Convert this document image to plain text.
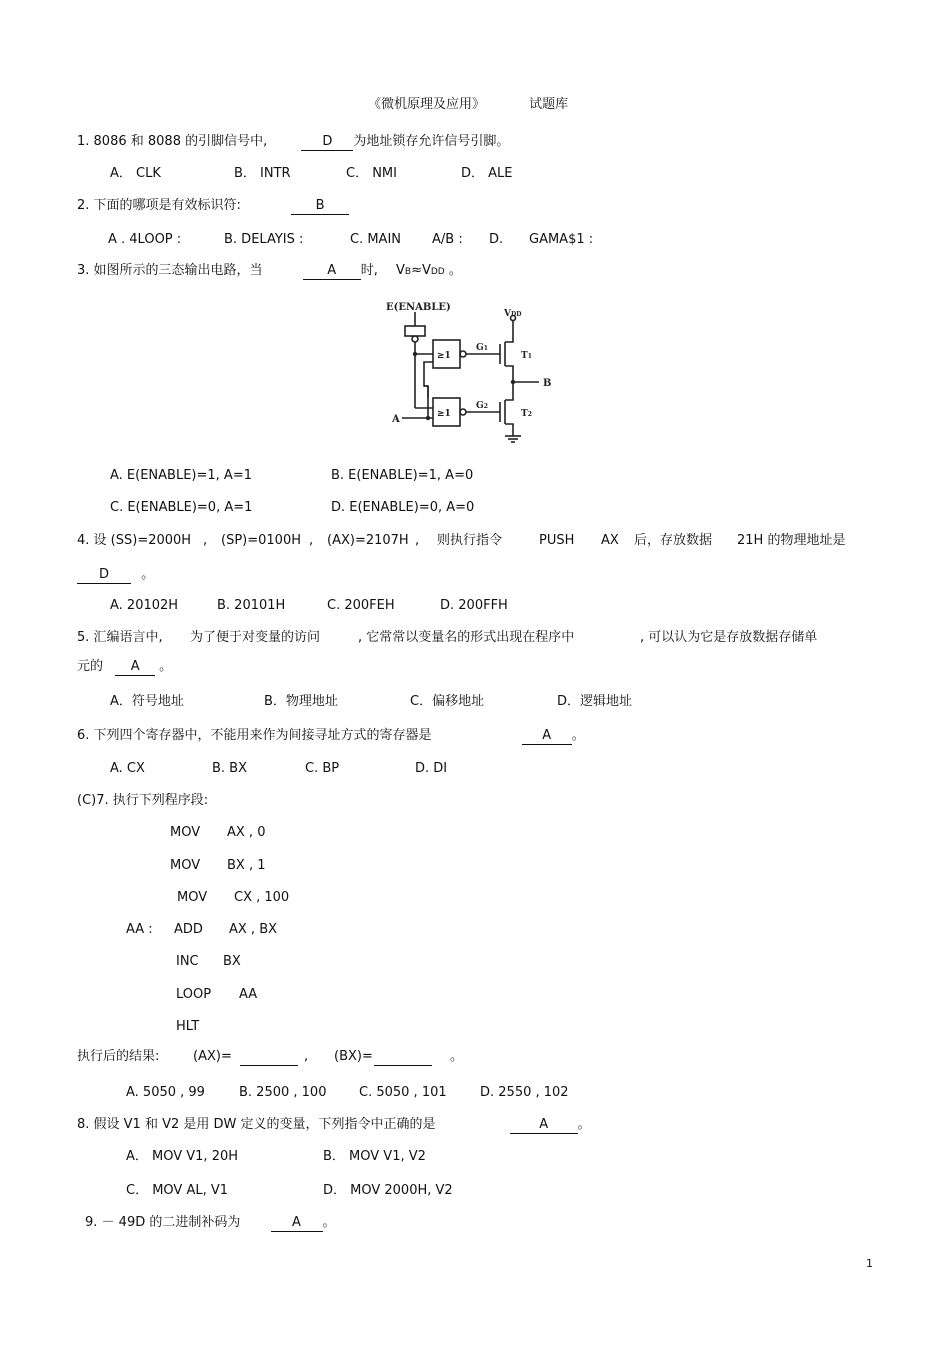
《微机原理及应用》	试题库
1. 8086 和 8088 的引脚信号中,	D 为地址锁存允许信号引脚。
A． CLK	B． INTR	C． NMI	D． ALE
2. 下面的哪项是有效标识符:	B
A . 4LOOP :	B. DELAYIS :	C. MAIN A/B : D. GAMA$1 :
3. 如图所示的三态输出电路，当	A 时, VB≈VDD 。
E(ENABLE)
VDD
≥1
≥1
G1
G2
T1
T2
B
A
A. E(ENABLE)=1, A=1	B. E(ENABLE)=1, A=0
C. E(ENABLE)=0, A=1	D. E(ENABLE)=0, A=0
4. 设 (SS)=2000H , (SP)=0100H , (AX)=2107H , 则执行指令	PUSH AX 后，存放数据 21H 的物理地址是
D 。
A. 20102H	B. 20101H	C. 200FEH	D. 200FFH
5. 汇编语言中, 为了便于对变量的访问	, 它常常以变量名的形式出现在程序中	, 可以认为它是存放数据存储单
元的 A 。
A．符号地址	B．物理地址	C．偏移地址	D．逻辑地址
6. 下列四个寄存器中，不能用来作为间接寻址方式的寄存器是	A 。
A. CX	B. BX	C. BP	D. DI
(C)7. 执行下列程序段:
MOV AX , 0
MOV BX , 1
MOV CX , 100
AA : ADD AX , BX
INC BX
LOOP AA
HLT
执行后的结果:	(AX)=
	, (BX)=
	。
A. 5050 , 99	B. 2500 , 100	C. 5050 , 101	D. 2550 , 102
8. 假设 V1 和 V2 是用 DW 定义的变量，下列指令中正确的是	A 。
A． MOV V1, 20H	B． MOV V1, V2
C． MOV AL, V1	D． MOV 2000H, V2
9. － 49D 的二进制补码为	A 。
1
